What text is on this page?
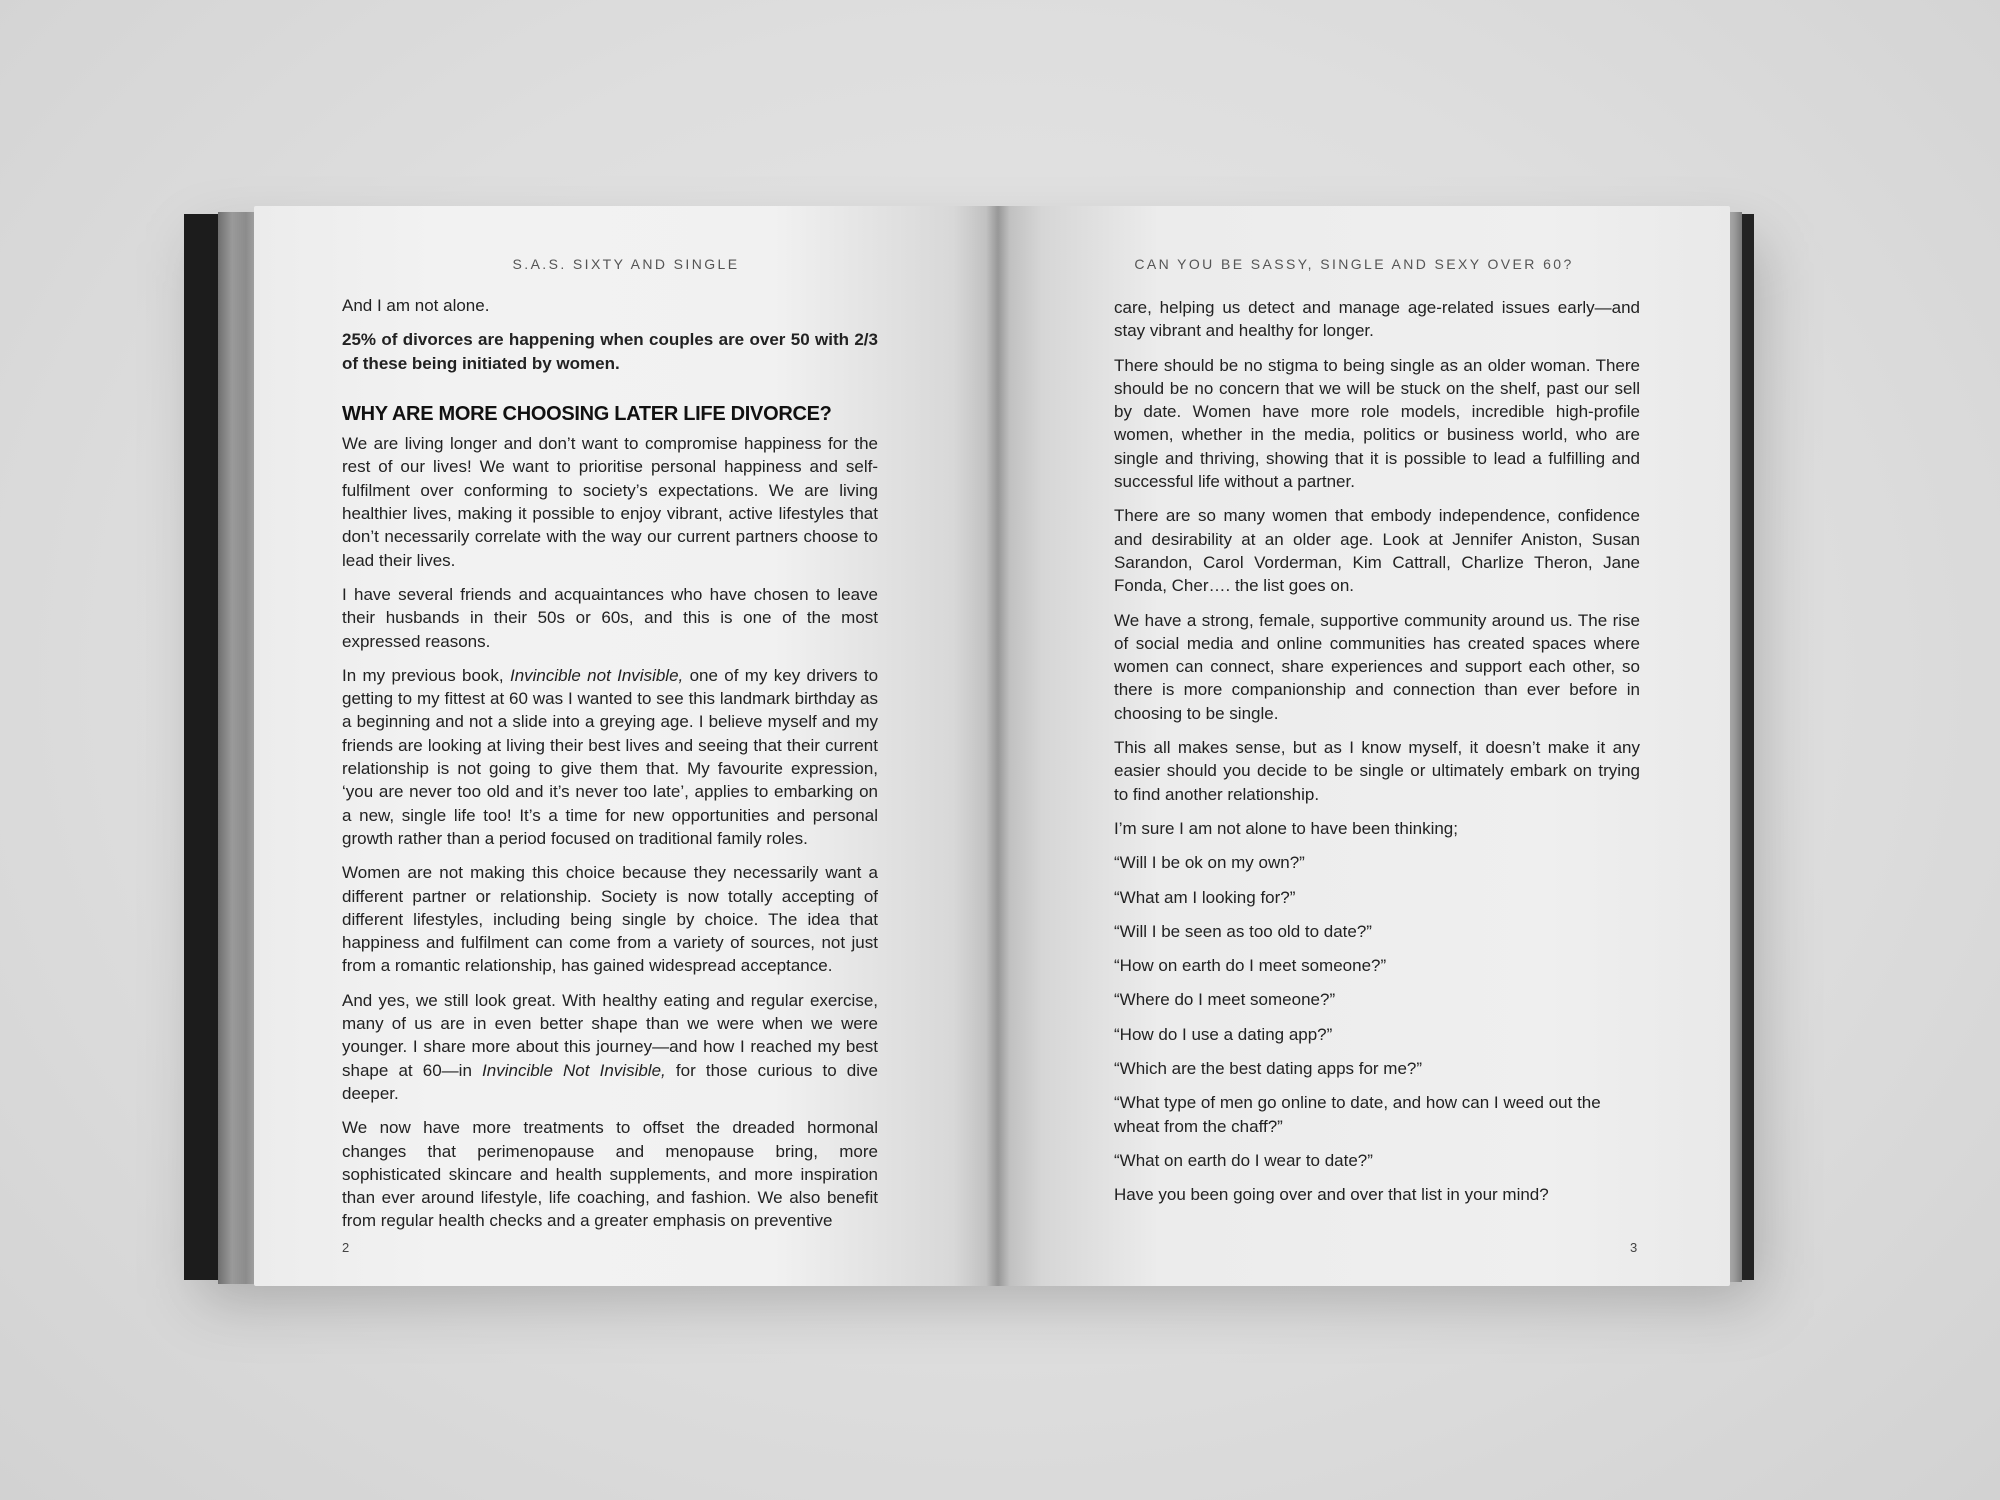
S.A.S. SIXTY AND SINGLE

And I am not alone.

25% of divorces are happening when couples are over 50 with 2/3 of these being initiated by women.

WHY ARE MORE CHOOSING LATER LIFE DIVORCE?

We are living longer and don’t want to compromise happiness for the rest of our lives! We want to prioritise personal happiness and self-fulfilment over conforming to society’s expectations. We are living healthier lives, making it possible to enjoy vibrant, active lifestyles that don’t necessarily correlate with the way our current partners choose to lead their lives.

I have several friends and acquaintances who have chosen to leave their husbands in their 50s or 60s, and this is one of the most expressed reasons.

In my previous book, Invincible not Invisible, one of my key drivers to getting to my fittest at 60 was I wanted to see this landmark birthday as a beginning and not a slide into a greying age. I believe myself and my friends are looking at living their best lives and seeing that their current relationship is not going to give them that. My favourite expression, ‘you are never too old and it’s never too late’, applies to embarking on a new, single life too! It’s a time for new opportunities and personal growth rather than a period focused on traditional family roles.

Women are not making this choice because they necessarily want a different partner or relationship. Society is now totally accepting of different lifestyles, including being single by choice. The idea that happiness and fulfilment can come from a variety of sources, not just from a romantic relationship, has gained widespread acceptance.

And yes, we still look great. With healthy eating and regular exercise, many of us are in even better shape than we were when we were younger. I share more about this journey—and how I reached my best shape at 60—in Invincible Not Invisible, for those curious to dive deeper.

We now have more treatments to offset the dreaded hormonal changes that perimenopause and menopause bring, more sophisticated skincare and health supplements, and more inspiration than ever around lifestyle, life coaching, and fashion. We also benefit from regular health checks and a greater emphasis on preventive

2
CAN YOU BE SASSY, SINGLE AND SEXY OVER 60?

care, helping us detect and manage age-related issues early—and stay vibrant and healthy for longer.

There should be no stigma to being single as an older woman. There should be no concern that we will be stuck on the shelf, past our sell by date. Women have more role models, incredible high-profile women, whether in the media, politics or business world, who are single and thriving, showing that it is possible to lead a fulfilling and successful life without a partner.

There are so many women that embody independence, confidence and desirability at an older age. Look at Jennifer Aniston, Susan Sarandon, Carol Vorderman, Kim Cattrall, Charlize Theron, Jane Fonda, Cher…. the list goes on.

We have a strong, female, supportive community around us. The rise of social media and online communities has created spaces where women can connect, share experiences and support each other, so there is more companionship and connection than ever before in choosing to be single.

This all makes sense, but as I know myself, it doesn’t make it any easier should you decide to be single or ultimately embark on trying to find another relationship.

I’m sure I am not alone to have been thinking;

“Will I be ok on my own?”

“What am I looking for?”

“Will I be seen as too old to date?”

“How on earth do I meet someone?”

“Where do I meet someone?”

“How do I use a dating app?”

“Which are the best dating apps for me?”

“What type of men go online to date, and how can I weed out the wheat from the chaff?”

“What on earth do I wear to date?”

Have you been going over and over that list in your mind?

3
